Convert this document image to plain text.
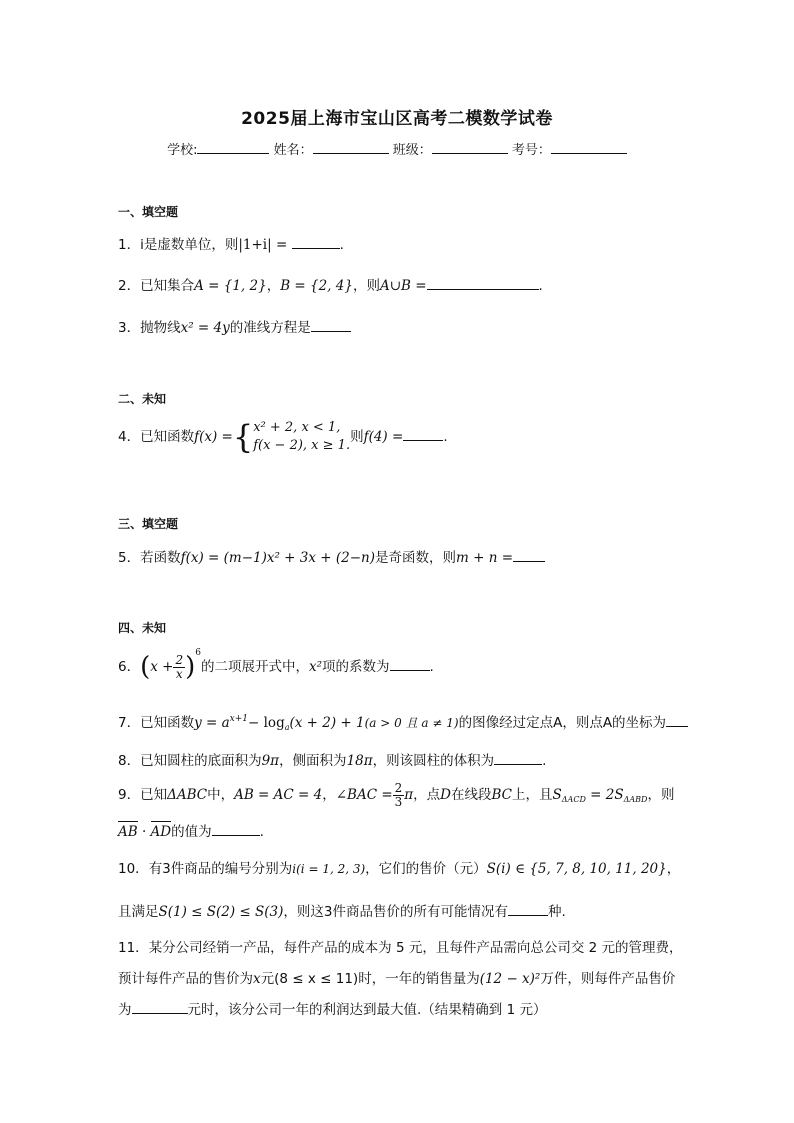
2025届上海市宝山区高考二模数学试卷
学校:	姓名：	班级：	考号：
一、填空题
1．i是虚数单位，则|1+i| =	.
2．已知集合A = {1, 2}，B = {2, 4}，则A∪B =	.
3．抛物线x² = 4y的准线方程是
二、未知
4．已知函数f(x) ={ x² + 2, x < 1,
f(x − 2), x ≥ 1.
则f(4) =	.
三、填空题
5．若函数f(x) = (m−1)x² + 3x + (2−n)是奇函数，则m + n =
四、未知
6．$(x + \frac{2}{x} )^6$的二项展开式中，x²项的系数为	.
7．已知函数$y = a^{x+1}- \log_a(x + 2) + 1(a > 0$ 且 a ≠ 1)的图像经过定点A，则点A的坐标为
8．已知圆柱的底面积为9π，侧面积为18π，则该圆柱的体积为	.
9．已知ΔABC中，AB = AC = 4，∠BAC = $\frac{2}{3}$ π，点D在线段BC上，且$S_{\Delta ACD} = 2S_{\Delta ABD}$，则
AB · AD的值为	.
10．有3件商品的编号分别为i(i = 1, 2, 3)，它们的售价（元）S(i) ∈ {5, 7, 8, 10, 11, 20}，
且满足S(1) ≤ S(2) ≤ S(3)，则这3件商品售价的所有可能情况有	种.
11．某分公司经销一产品，每件产品的成本为 5 元，且每件产品需向总公司交 2 元的管理费，
预计每件产品的售价为x元(8 ≤ x ≤ 11)时，一年的销售量为(12 − x)²万件，则每件产品售价
为	元时，该分公司一年的利润达到最大值.（结果精确到 1 元）
